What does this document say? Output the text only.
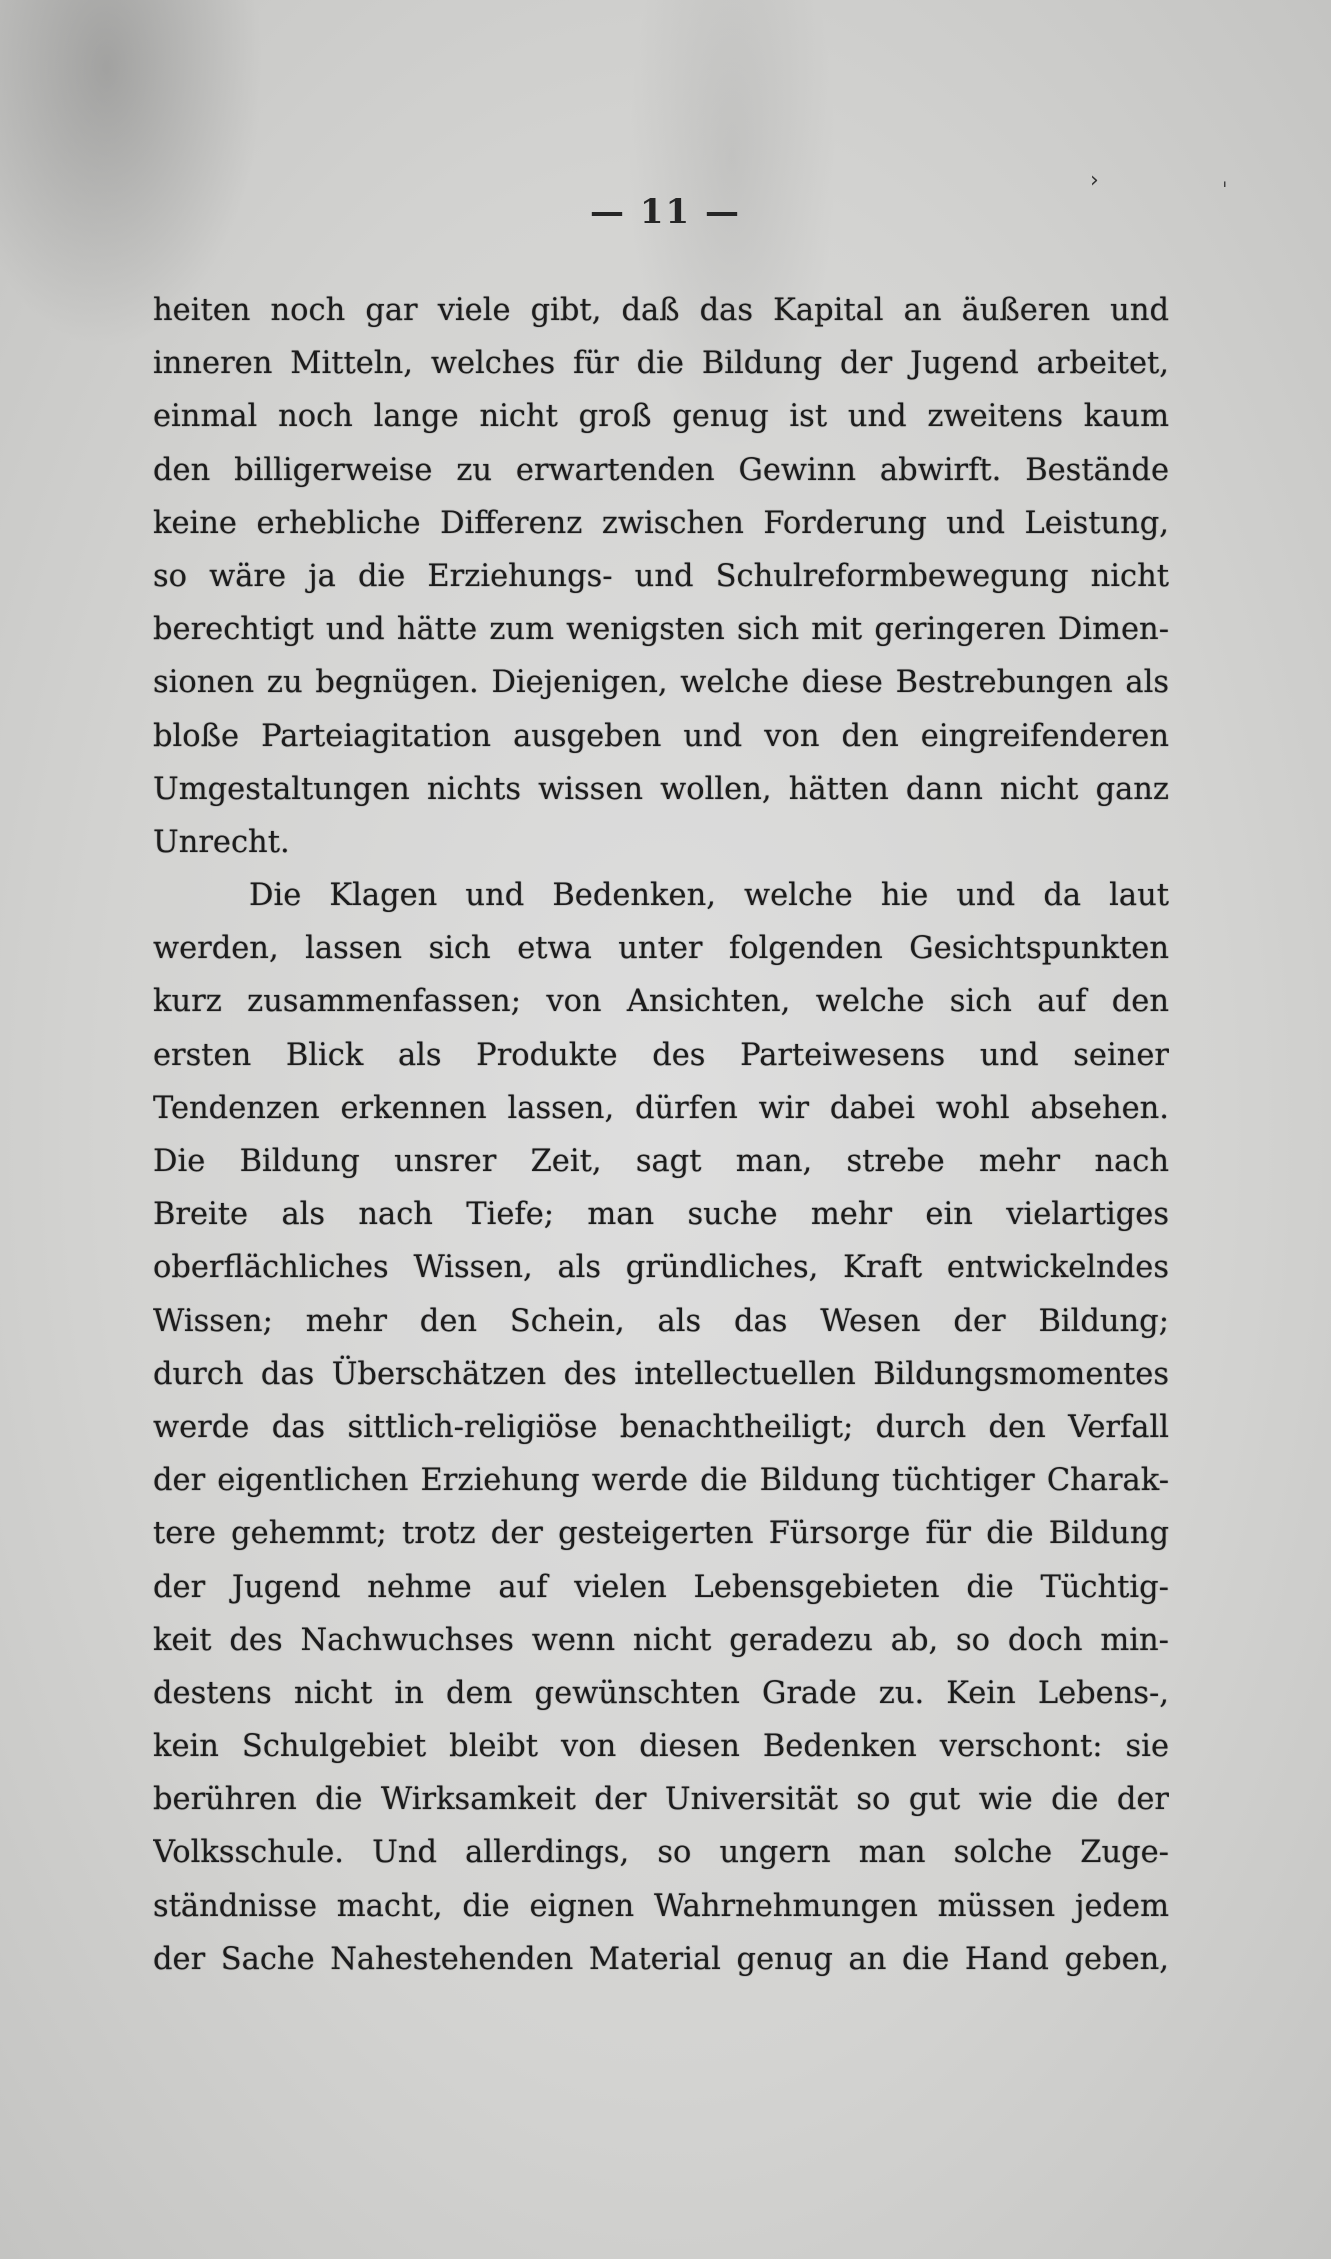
— 11 —
heiten noch gar viele gibt, daß das Kapital an äußeren und
inneren Mitteln, welches für die Bildung der Jugend arbeitet,
einmal noch lange nicht groß genug ist und zweitens kaum
den billigerweise zu erwartenden Gewinn abwirft. Bestände
keine erhebliche Differenz zwischen Forderung und Leistung,
so wäre ja die Erziehungs- und Schulreformbewegung nicht
berechtigt und hätte zum wenigsten sich mit geringeren Dimen-
sionen zu begnügen. Diejenigen, welche diese Bestrebungen als
bloße Parteiagitation ausgeben und von den eingreifenderen
Umgestaltungen nichts wissen wollen, hätten dann nicht ganz
Unrecht.
Die Klagen und Bedenken, welche hie und da laut
werden, lassen sich etwa unter folgenden Gesichtspunkten
kurz zusammenfassen; von Ansichten, welche sich auf den
ersten Blick als Produkte des Parteiwesens und seiner
Tendenzen erkennen lassen, dürfen wir dabei wohl absehen.
Die Bildung unsrer Zeit, sagt man, strebe mehr nach
Breite als nach Tiefe; man suche mehr ein vielartiges
oberflächliches Wissen, als gründliches, Kraft entwickelndes
Wissen; mehr den Schein, als das Wesen der Bildung;
durch das Überschätzen des intellectuellen Bildungsmomentes
werde das sittlich-religiöse benachtheiligt; durch den Verfall
der eigentlichen Erziehung werde die Bildung tüchtiger Charak-
tere gehemmt; trotz der gesteigerten Fürsorge für die Bildung
der Jugend nehme auf vielen Lebensgebieten die Tüchtig-
keit des Nachwuchses wenn nicht geradezu ab, so doch min-
destens nicht in dem gewünschten Grade zu. Kein Lebens-,
kein Schulgebiet bleibt von diesen Bedenken verschont: sie
berühren die Wirksamkeit der Universität so gut wie die der
Volksschule. Und allerdings, so ungern man solche Zuge-
ständnisse macht, die eignen Wahrnehmungen müssen jedem
der Sache Nahestehenden Material genug an die Hand geben,
›	ˈ
